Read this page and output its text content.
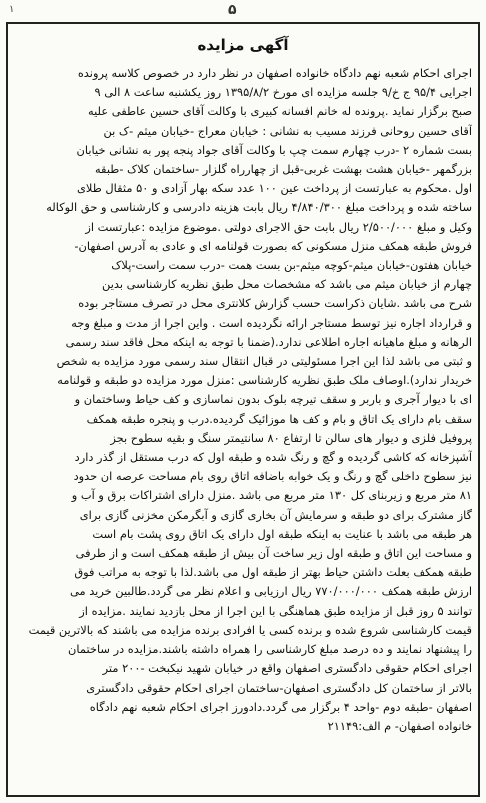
۱	۵
آگهی مزایده
اجرای احکام شعبه نهم دادگاه خانواده اصفهان در نظر دارد در خصوص کلاسه پرونده
اجرایی ۹۵/۴ ج خ/۹ جلسه مزایده ای مورخ ۱۳۹۵/۸/۲ روز یکشنبه ساعت ۸ الی ۹
صبح برگزار نماید .پرونده له خانم افسانه کبیری با وکالت آقای حسین عاطفی علیه
آقای حسین روحانی فرزند مسیب به نشانی : خیابان معراج -خیابان میثم -ک بن
بست شماره ۲ -درب چهارم سمت چپ با وکالت آقای جواد پنجه پور به نشانی خیابان
بزرگمهر -خیابان هشت بهشت غربی-قبل از چهارراه گلزار -ساختمان کلاک -طبقه
اول .محکوم به عبارتست از پرداخت عین ۱۰۰ عدد سکه بهار آزادی و ۵۰ مثقال طلای
ساخته شده و پرداخت مبلغ ۴/۸۴۰/۳۰۰ ریال بابت هزینه دادرسی و کارشناسی و حق الوکاله
وکیل و مبلغ ۲/۵۰۰/۰۰۰ ریال بابت حق الاجرای دولتی .موضوع مزایده :عبارتست از
فروش طبقه همکف منزل مسکونی که بصورت قولنامه ای و عادی به آدرس اصفهان-
خیابان هفتون-خیابان میثم-کوچه میثم-بن بست همت -درب سمت راست-پلاک
چهارم از خیابان میثم می باشد که مشخصات محل طبق نظریه کارشناسی بدین
شرح می باشد .شایان ذکراست حسب گزارش کلانتری محل در تصرف مستاجر بوده
و قرارداد اجاره نیز توسط مستاجر ارائه نگردیده است . واین اجرا از مدت و مبلغ وجه
الرهانه و مبلغ ماهیانه اجاره اطلاعی ندارد.(ضمنا با توجه به اینکه محل فاقد سند رسمی
و ثبتی می باشد لذا این اجرا مسئولیتی در قبال انتقال سند رسمی مورد مزایده به شخص
خریدار ندارد).اوصاف ملک طبق نظریه کارشناسی :منزل مورد مزایده دو طبقه و قولنامه
ای با دیوار آجری و باربر و سقف تیرچه بلوک بدون نماسازی و کف حیاط وساختمان و
سقف بام دارای یک اتاق و بام و کف ها موزائیک گردیده.درب و پنجره طبقه همکف
پروفیل فلزی و دیوار های سالن تا ارتفاع ۸۰ سانتیمتر سنگ و بقیه سطوح بجز
آشپزخانه که کاشی گردیده و گچ و رنگ شده و طبقه اول که درب مستقل از گذر دارد
نیز سطوح داخلی گچ و رنگ و یک خوابه باضافه اتاق روی بام مساحت عرصه ان حدود
۸۱ متر مربع و زیربنای کل ۱۳۰ متر مربع می باشد .منزل دارای اشتراکات برق و آب و
گاز مشترک برای دو طبقه و سرمایش آن بخاری گازی و آبگرمکن مخزنی گازی برای
هر طبقه می باشد با عنایت به اینکه طبقه اول دارای یک اتاق روی پشت بام است
و مساحت این اتاق و طبقه اول زیر ساخت آن بیش از طبقه همکف است و از طرفی
طبقه همکف بعلت داشتن حیاط بهتر از طبقه اول می باشد.لذا با توجه به مراتب فوق
ارزش طبقه همکف ۷۷۰/۰۰۰/۰۰۰ ریال ارزیابی و اعلام نظر می گردد.طالبین خرید می
توانند ۵ روز قبل از مزایده طبق هماهنگی با این اجرا از محل بازدید نمایند .مزایده از
قیمت کارشناسی شروع شده و برنده کسی یا افرادی برنده مزایده می باشند که بالاترین قیمت
را پیشنهاد نمایند و ده درصد مبلغ کارشناسی را همراه داشته باشند.مزایده در ساختمان
اجرای احکام حقوقی دادگستری اصفهان واقع در خیابان شهید نیکبخت -۲۰۰ متر
بالاتر از ساختمان کل دادگستری اصفهان-ساختمان اجرای احکام حقوقی دادگستری
اصفهان -طبقه دوم -واحد ۴ برگزار می گردد.دادورز اجرای احکام شعبه نهم دادگاه
خانواده اصفهان- م الف:۲۱۱۴۹
